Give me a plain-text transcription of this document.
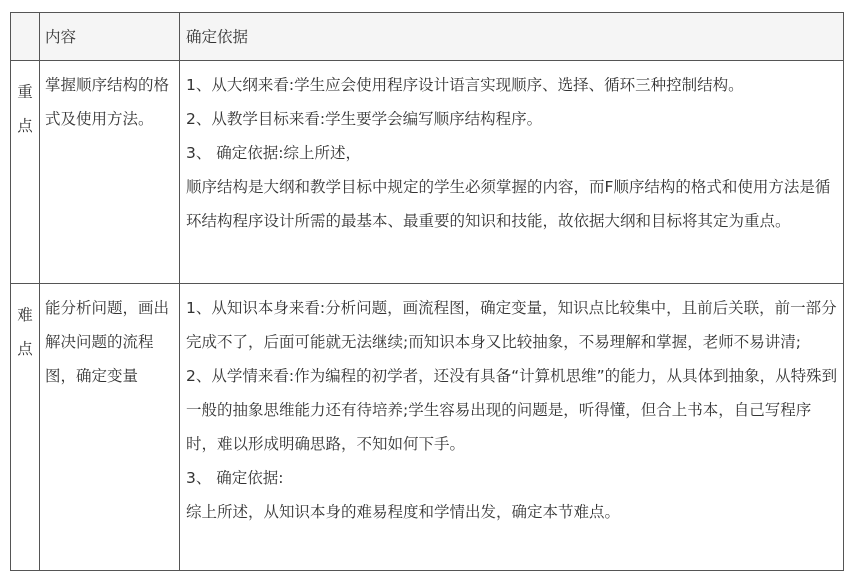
	内容	确定依据

重
点	掌握顺序结构的格式及使用方法。	1、从大纲来看:学生应会使用程序设计语言实现顺序、选择、循环三种控制结构。
2、从教学目标来看:学生要学会编写顺序结构程序。
3、 确定依据:综上所述，
顺序结构是大纲和教学目标中规定的学生必须掌握的内容，而F顺序结构的格式和使用方法是循环结构程序设计所需的最基本、最重要的知识和技能，故依据大纲和目标将其定为重点。

难
点	能分析问题，画出解决问题的流程图，确定变量	1、从知识本身来看:分析问题，画流程图，确定变量，知识点比较集中，且前后关联，前一部分完成不了，后面可能就无法继续;而知识本身又比较抽象，不易理解和掌握，老师不易讲清;
2、从学情来看:作为编程的初学者，还没有具备“计算机思维”的能力，从具体到抽象，从特殊到一般的抽象思维能力还有待培养;学生容易出现的问题是，听得懂，但合上书本，自己写程序时，难以形成明确思路，不知如何下手。
3、 确定依据:
综上所述，从知识本身的难易程度和学情出发，确定本节难点。
